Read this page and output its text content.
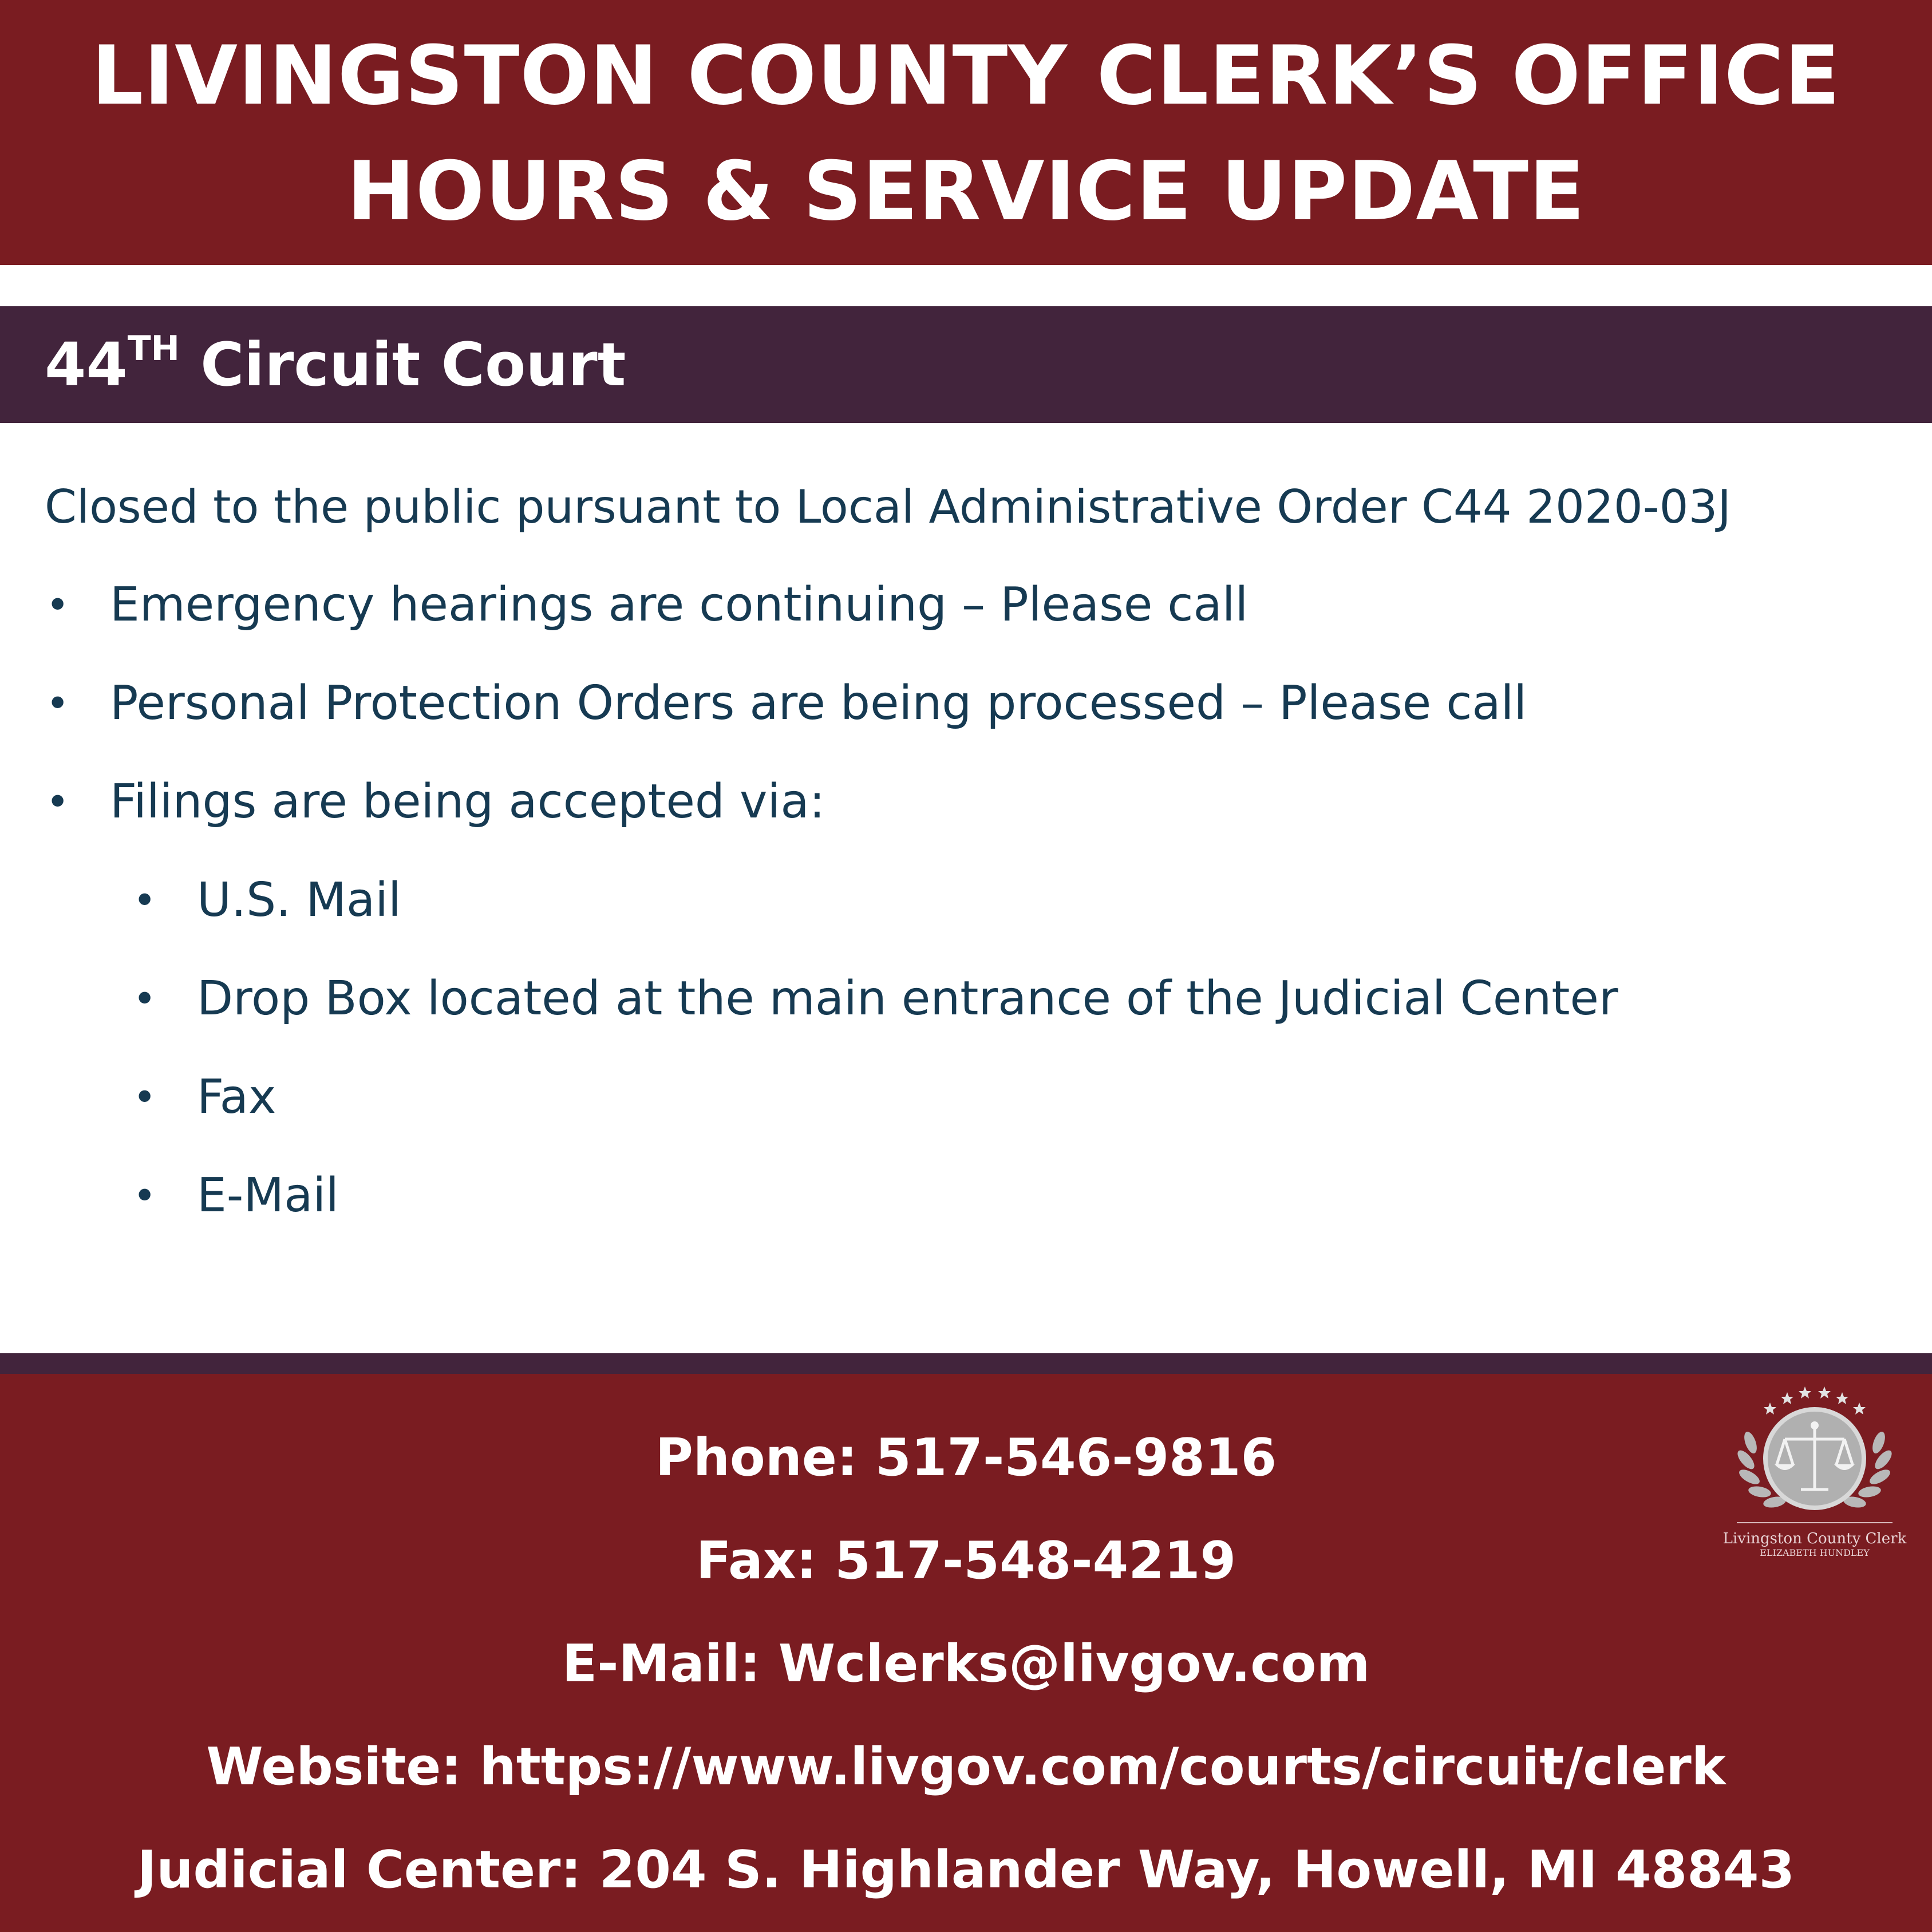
LIVINGSTON COUNTY CLERK’S OFFICE
HOURS & SERVICE UPDATE
44TH Circuit Court
Closed to the public pursuant to Local Administrative Order C44 2020-03J
• Emergency hearings are continuing – Please call
• Personal Protection Orders are being processed – Please call
• Filings are being accepted via:
• U.S. Mail
• Drop Box located at the main entrance of the Judicial Center
• Fax
• E-Mail
Phone: 517-546-9816
Fax: 517-548-4219
E-Mail: Wclerks@livgov.com
Website: https://www.livgov.com/courts/circuit/clerk
Judicial Center: 204 S. Highlander Way, Howell, MI 48843
Livingston County Clerk
ELIZABETH HUNDLEY
